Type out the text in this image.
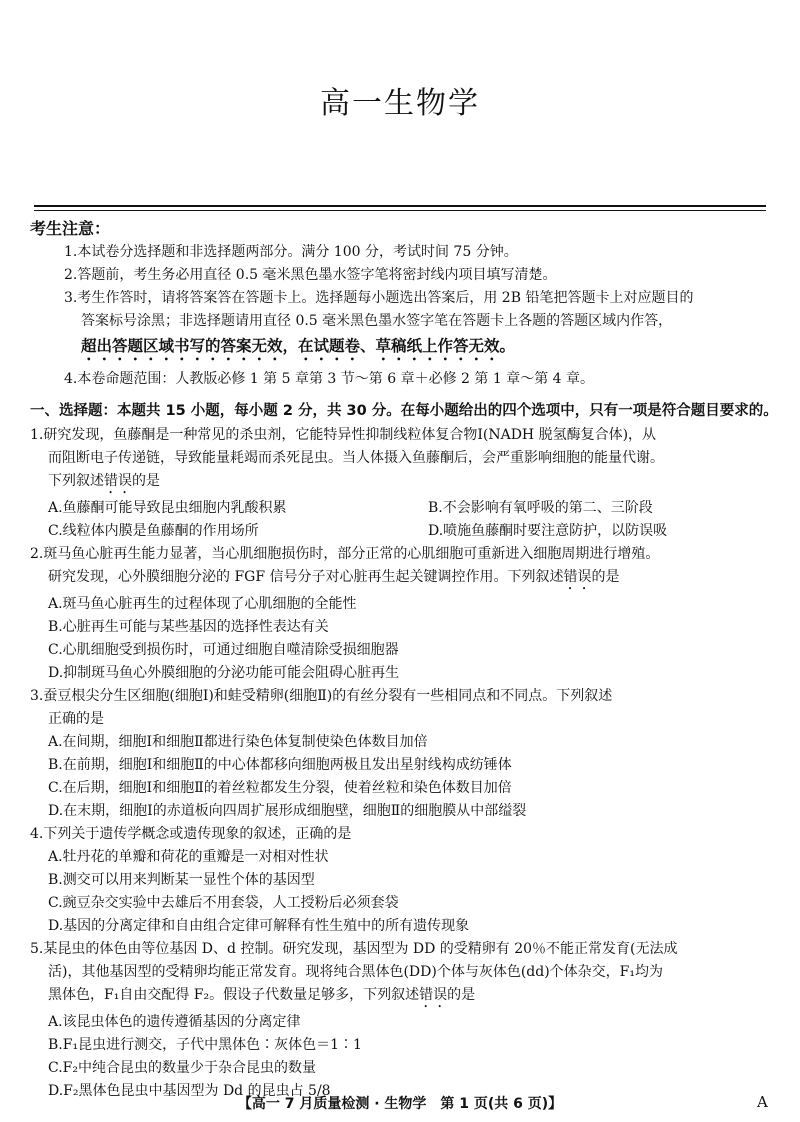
高一生物学
考生注意：

1.本试卷分选择题和非选择题两部分。满分 100 分，考试时间 75 分钟。

2.答题前，考生务必用直径 0.5 毫米黑色墨水签字笔将密封线内项目填写清楚。

3.考生作答时，请将答案答在答题卡上。选择题每小题选出答案后，用 2B 铅笔把答题卡上对应题目的

答案标号涂黑；非选择题请用直径 0.5 毫米黑色墨水签字笔在答题卡上各题的答题区域内作答，

超出答题区域书写的答案无效，在试题卷、草稿纸上作答无效。

4.本卷命题范围：人教版必修 1 第 5 章第 3 节～第 6 章＋必修 2 第 1 章～第 4 章。

一、选择题：本题共 15 小题，每小题 2 分，共 30 分。在每小题给出的四个选项中，只有一项是符合题目要求的。
1.研究发现，鱼藤酮是一种常见的杀虫剂，它能特异性抑制线粒体复合物Ⅰ(NADH 脱氢酶复合体)，从
而阻断电子传递链，导致能量耗竭而杀死昆虫。当人体摄入鱼藤酮后，会严重影响细胞的能量代谢。
下列叙述错误的是
A.鱼藤酮可能导致昆虫细胞内乳酸积累	B.不会影响有氧呼吸的第二、三阶段
C.线粒体内膜是鱼藤酮的作用场所	D.喷施鱼藤酮时要注意防护，以防误吸
2.斑马鱼心脏再生能力显著，当心肌细胞损伤时，部分正常的心肌细胞可重新进入细胞周期进行增殖。
研究发现，心外膜细胞分泌的 FGF 信号分子对心脏再生起关键调控作用。下列叙述错误的是
A.斑马鱼心脏再生的过程体现了心肌细胞的全能性
B.心脏再生可能与某些基因的选择性表达有关
C.心肌细胞受到损伤时，可通过细胞自噬清除受损细胞器
D.抑制斑马鱼心外膜细胞的分泌功能可能会阻碍心脏再生
3.蚕豆根尖分生区细胞(细胞Ⅰ)和蛙受精卵(细胞Ⅱ)的有丝分裂有一些相同点和不同点。下列叙述
正确的是
A.在间期，细胞Ⅰ和细胞Ⅱ都进行染色体复制使染色体数目加倍
B.在前期，细胞Ⅰ和细胞Ⅱ的中心体都移向细胞两极且发出星射线构成纺锤体
C.在后期，细胞Ⅰ和细胞Ⅱ的着丝粒都发生分裂，使着丝粒和染色体数目加倍
D.在末期，细胞Ⅰ的赤道板向四周扩展形成细胞壁，细胞Ⅱ的细胞膜从中部缢裂
4.下列关于遗传学概念或遗传现象的叙述，正确的是
A.牡丹花的单瓣和荷花的重瓣是一对相对性状
B.测交可以用来判断某一显性个体的基因型
C.豌豆杂交实验中去雄后不用套袋，人工授粉后必须套袋
D.基因的分离定律和自由组合定律可解释有性生殖中的所有遗传现象
5.某昆虫的体色由等位基因 D、d 控制。研究发现，基因型为 DD 的受精卵有 20％不能正常发育(无法成
活)，其他基因型的受精卵均能正常发育。现将纯合黑体色(DD)个体与灰体色(dd)个体杂交，F₁均为
黑体色，F₁自由交配得 F₂。假设子代数量足够多，下列叙述错误的是
A.该昆虫体色的遗传遵循基因的分离定律
B.F₁昆虫进行测交，子代中黑体色∶灰体色＝1∶1
C.F₂中纯合昆虫的数量少于杂合昆虫的数量
D.F₂黑体色昆虫中基因型为 Dd 的昆虫占 5/8
【高一 7 月质量检测 · 生物学　第 1 页(共 6 页)】	A
